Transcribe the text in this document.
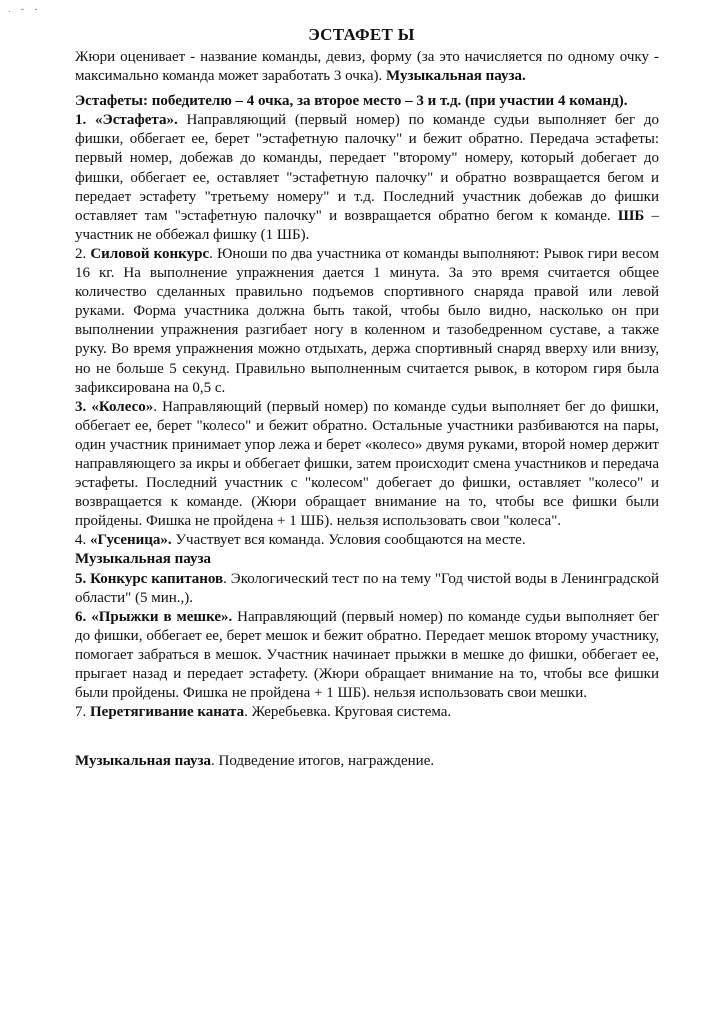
. - -
ЭСТАФЕТ Ы

Жюри оценивает - название команды, девиз, форму (за это начисляется по одному очку - максимально команда может заработать 3 очка). Музыкальная пауза.

Эстафеты: победителю – 4 очка, за второе место – 3 и т.д. (при участии 4 команд).

1. «Эстафета». Направляющий (первый номер) по команде судьи выполняет бег до фишки, оббегает ее, берет "эстафетную палочку" и бежит обратно. Передача эстафеты: первый номер, добежав до команды, передает "второму" номеру, который добегает до фишки, оббегает ее, оставляет "эстафетную палочку" и обратно возвращается бегом и передает эстафету "третьему номеру" и т.д. Последний участник добежав до фишки оставляет там "эстафетную палочку" и возвращается обратно бегом к команде. ШБ – участник не оббежал фишку (1 ШБ).

2. Силовой конкурс. Юноши по два участника от команды выполняют: Рывок гири весом 16 кг. На выполнение упражнения дается 1 минута. За это время считается общее количество сделанных правильно подъемов спортивного снаряда правой или левой руками. Форма участника должна быть такой, чтобы было видно, насколько он при выполнении упражнения разгибает ногу в коленном и тазобедренном суставе, а также руку. Во время упражнения можно отдыхать, держа спортивный снаряд вверху или внизу, но не больше 5 секунд. Правильно выполненным считается рывок, в котором гиря была зафиксирована на 0,5 с.

3. «Колесо». Направляющий (первый номер) по команде судьи выполняет бег до фишки, оббегает ее, берет "колесо" и бежит обратно. Остальные участники разбиваются на пары, один участник принимает упор лежа и берет «колесо» двумя руками, второй номер держит направляющего за икры и оббегает фишки, затем происходит смена участников и передача эстафеты. Последний участник с "колесом" добегает до фишки, оставляет "колесо" и возвращается к команде. (Жюри обращает внимание на то, чтобы все фишки были пройдены. Фишка не пройдена + 1 ШБ). нельзя использовать свои "колеса".

4. «Гусеница». Участвует вся команда. Условия сообщаются на месте.

Музыкальная пауза

5. Конкурс капитанов. Экологический тест по на тему "Год чистой воды в Ленинградской области" (5 мин.,).

6. «Прыжки в мешке». Направляющий (первый номер) по команде судьи выполняет бег до фишки, оббегает ее, берет мешок и бежит обратно. Передает мешок второму участнику, помогает забраться в мешок. Участник начинает прыжки в мешке до фишки, оббегает ее, прыгает назад и передает эстафету. (Жюри обращает внимание на то, чтобы все фишки были пройдены. Фишка не пройдена + 1 ШБ). нельзя использовать свои мешки.

7. Перетягивание каната. Жеребьевка. Круговая система.

Музыкальная пауза. Подведение итогов, награждение.
